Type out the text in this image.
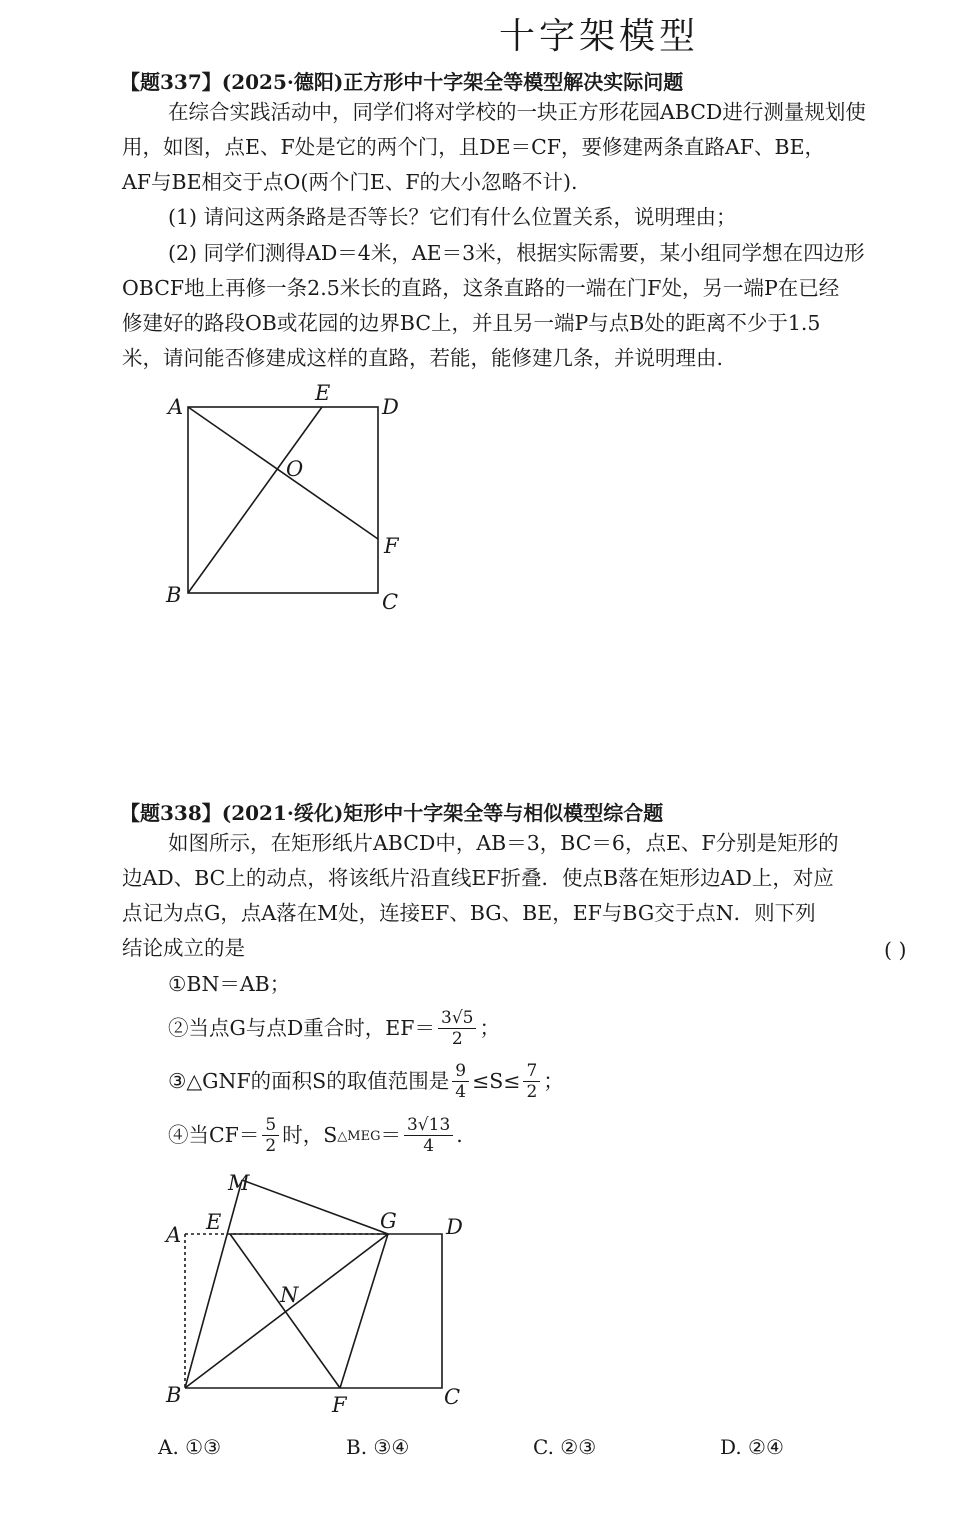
十字架模型
【题337】(2025·德阳)正方形中十字架全等模型解决实际问题
在综合实践活动中，同学们将对学校的一块正方形花园ABCD进行测量规划使
用，如图，点E、F处是它的两个门，且DE＝CF，要修建两条直路AF、BE，
AF与BE相交于点O(两个门E、F的大小忽略不计).
(1) 请问这两条路是否等长？它们有什么位置关系，说明理由；
(2) 同学们测得AD＝4米，AE＝3米，根据实际需要，某小组同学想在四边形
OBCF地上再修一条2.5米长的直路，这条直路的一端在门F处，另一端P在已经
修建好的路段OB或花园的边界BC上，并且另一端P与点B处的距离不少于1.5
米，请问能否修建成这样的直路，若能，能修建几条，并说明理由.
A	D
E
O
F
B	C
【题338】(2021·绥化)矩形中十字架全等与相似模型综合题
如图所示，在矩形纸片ABCD中，AB＝3，BC＝6，点E、F分别是矩形的
边AD、BC上的动点，将该纸片沿直线EF折叠．使点B落在矩形边AD上，对应
点记为点G，点A落在M处，连接EF、BG、BE，EF与BG交于点N．则下列
结论成立的是	( )
①BN＝AB；
②当点G与点D重合时，$EF= \frac{3√5}{2}$ ；
③△GNF的面积S的取值范围是 $\frac{9}{4} \le S\le \frac{7}{2}$ ；
④当$CF= \frac{5}{2}$ 时，S △MEG ＝ $\frac{3√13}{4}$ .
M
A
E	G D
N
B	F	C
A. ①③	B. ③④	C. ②③	D. ②④
